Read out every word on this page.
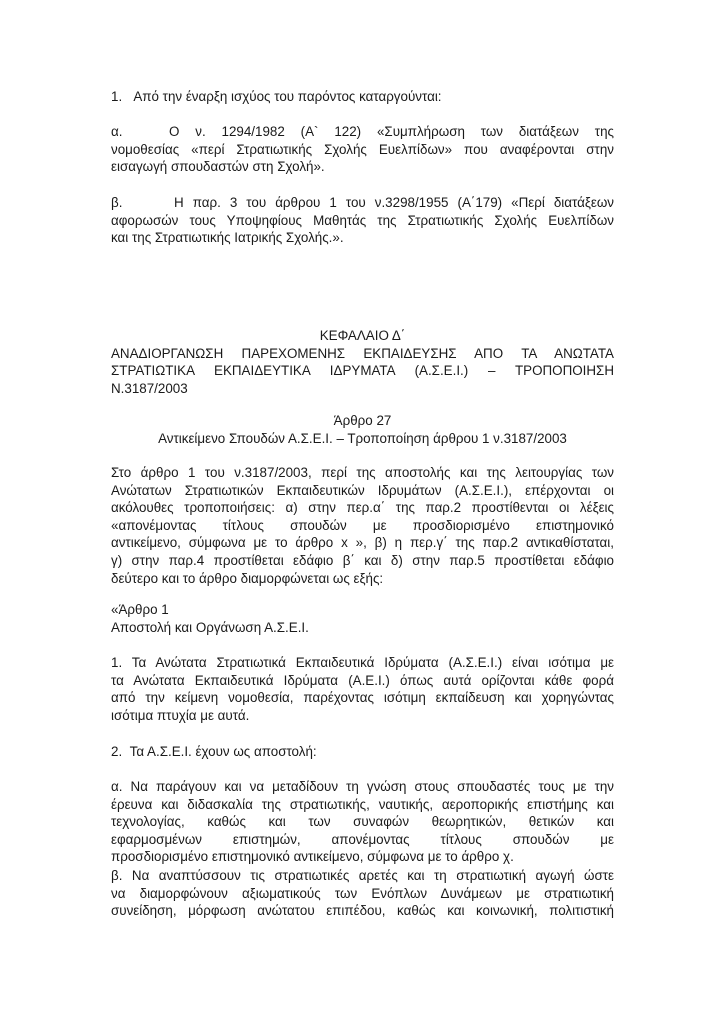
1.   Από την έναρξη ισχύος του παρόντος καταργούνται:

α.	Ο ν. 1294/1982 (Α` 122) «Συμπλήρωση των διατάξεων της

νομοθεσίας «περί Στρατιωτικής Σχολής Ευελπίδων» που αναφέρονται στην

εισαγωγή σπουδαστών στη Σχολή».

β.	Η παρ. 3 του άρθρου 1 του ν.3298/1955 (Α΄179) «Περί διατάξεων

αφορωσών τους Υποψηφίους Μαθητάς της Στρατιωτικής Σχολής Ευελπίδων

και της Στρατιωτικής Ιατρικής Σχολής.».

ΚΕΦΑΛΑΙΟ Δ΄

ΑΝΑΔΙΟΡΓΑΝΩΣΗ ΠΑΡΕΧΟΜΕΝΗΣ ΕΚΠΑΙΔΕΥΣΗΣ ΑΠΟ ΤΑ ΑΝΩΤΑΤΑ

ΣΤΡΑΤΙΩΤΙΚΑ ΕΚΠΑΙΔΕΥΤΙΚΑ ΙΔΡΥΜΑΤΑ (Α.Σ.Ε.Ι.) – ΤΡΟΠΟΠΟΙΗΣΗ

Ν.3187/2003

Άρθρο 27

Αντικείμενο Σπουδών Α.Σ.Ε.Ι. – Τροποποίηση άρθρου 1 ν.3187/2003

Στο άρθρο 1 του ν.3187/2003, περί της αποστολής και της λειτουργίας των

Ανώτατων Στρατιωτικών Εκπαιδευτικών Ιδρυμάτων (Α.Σ.Ε.Ι.), επέρχονται οι

ακόλουθες τροποποιήσεις: α) στην περ.α΄ της παρ.2 προστίθενται οι λέξεις

«απονέμοντας τίτλους σπουδών με προσδιορισμένο επιστημονικό

αντικείμενο, σύμφωνα με το άρθρο x », β) η περ.γ΄ της παρ.2 αντικαθίσταται,

γ) στην παρ.4 προστίθεται εδάφιο β΄ και δ) στην παρ.5 προστίθεται εδάφιο

δεύτερο και το άρθρο διαμορφώνεται ως εξής:

«Άρθρο 1

Αποστολή και Οργάνωση Α.Σ.Ε.Ι.

1. Τα Ανώτατα Στρατιωτικά Εκπαιδευτικά Ιδρύματα (Α.Σ.Ε.Ι.) είναι ισότιμα με

τα Ανώτατα Εκπαιδευτικά Ιδρύματα (Α.Ε.Ι.) όπως αυτά ορίζονται κάθε φορά

από την κείμενη νομοθεσία, παρέχοντας ισότιμη εκπαίδευση και χορηγώντας

ισότιμα πτυχία με αυτά.

2.  Τα Α.Σ.Ε.Ι. έχουν ως αποστολή:

α. Να παράγουν και να μεταδίδουν τη γνώση στους σπουδαστές τους με την

έρευνα και διδασκαλία της στρατιωτικής, ναυτικής, αεροπορικής επιστήμης και

τεχνολογίας, καθώς και των συναφών θεωρητικών, θετικών και

εφαρμοσμένων επιστημών, απονέμοντας τίτλους σπουδών με

προσδιορισμένο επιστημονικό αντικείμενο, σύμφωνα με το άρθρο χ.

β. Να αναπτύσσουν τις στρατιωτικές αρετές και τη στρατιωτική αγωγή ώστε

να διαμορφώνουν αξιωματικούς των Ενόπλων Δυνάμεων με στρατιωτική

συνείδηση, μόρφωση ανώτατου επιπέδου, καθώς και κοινωνική, πολιτιστική
